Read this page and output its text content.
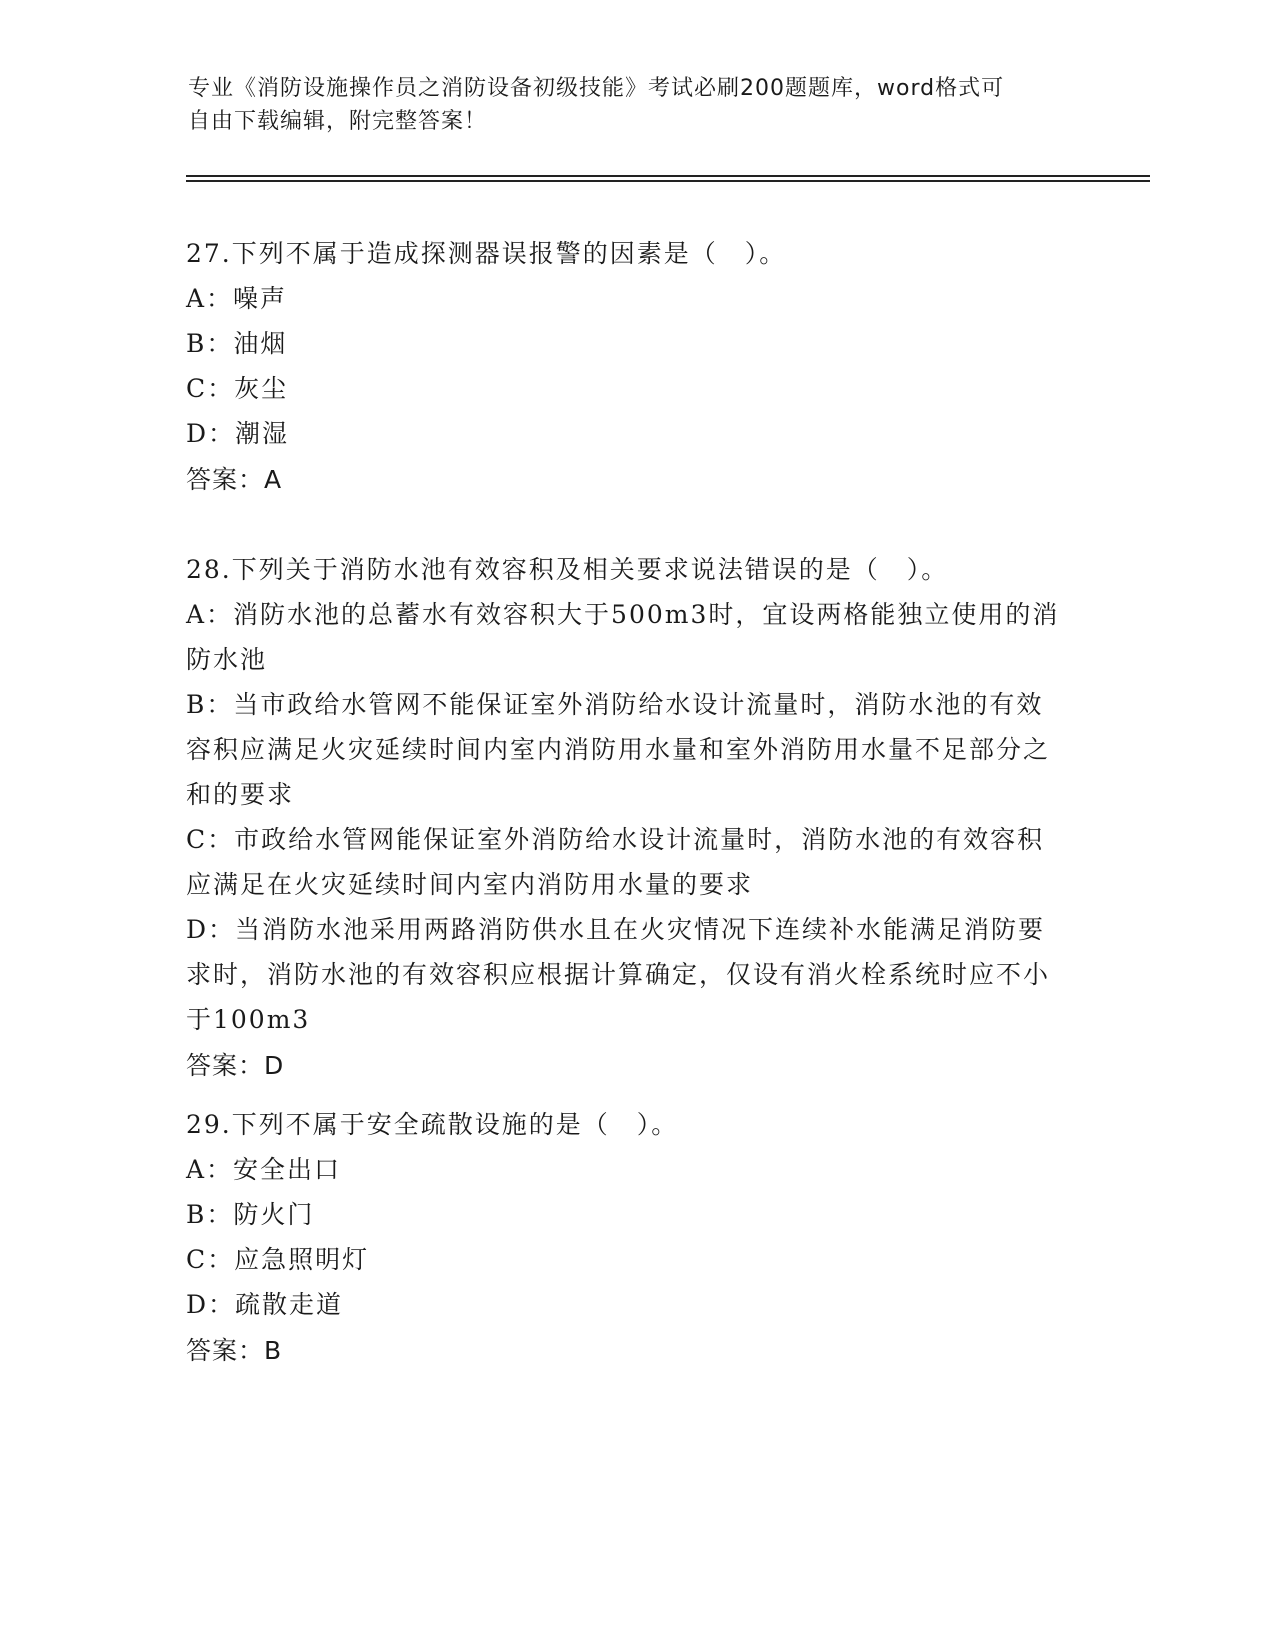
专业《消防设施操作员之消防设备初级技能》考试必刷200题题库，word格式可
自由下载编辑，附完整答案！
27.下列不属于造成探测器误报警的因素是（　）。
A：噪声
B：油烟
C：灰尘
D：潮湿
答案：A
28.下列关于消防水池有效容积及相关要求说法错误的是（　）。
A：消防水池的总蓄水有效容积大于500m3时，宜设两格能独立使用的消防水池
B：当市政给水管网不能保证室外消防给水设计流量时，消防水池的有效容积应满足火灾延续时间内室内消防用水量和室外消防用水量不足部分之和的要求
C：市政给水管网能保证室外消防给水设计流量时，消防水池的有效容积应满足在火灾延续时间内室内消防用水量的要求
D：当消防水池采用两路消防供水且在火灾情况下连续补水能满足消防要求时，消防水池的有效容积应根据计算确定，仅设有消火栓系统时应不小于100m3
答案：D
29.下列不属于安全疏散设施的是（　）。
A：安全出口
B：防火门
C：应急照明灯
D：疏散走道
答案：B
